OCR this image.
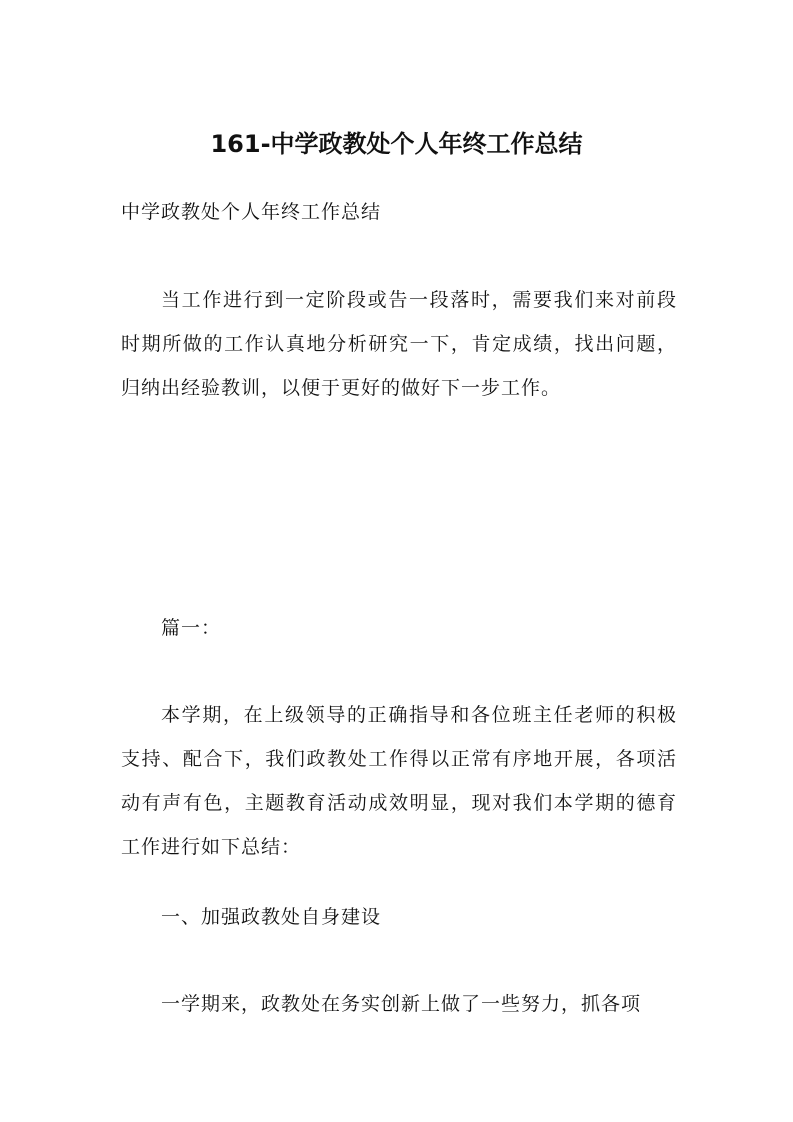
161-中学政教处个人年终工作总结

中学政教处个人年终工作总结

当工作进行到一定阶段或告一段落时，需要我们来对前段时期所做的工作认真地分析研究一下，肯定成绩，找出问题，归纳出经验教训，以便于更好的做好下一步工作。

篇一：

本学期，在上级领导的正确指导和各位班主任老师的积极支持、配合下，我们政教处工作得以正常有序地开展，各项活动有声有色，主题教育活动成效明显，现对我们本学期的德育工作进行如下总结：

一、加强政教处自身建设

一学期来，政教处在务实创新上做了一些努力，抓各项
